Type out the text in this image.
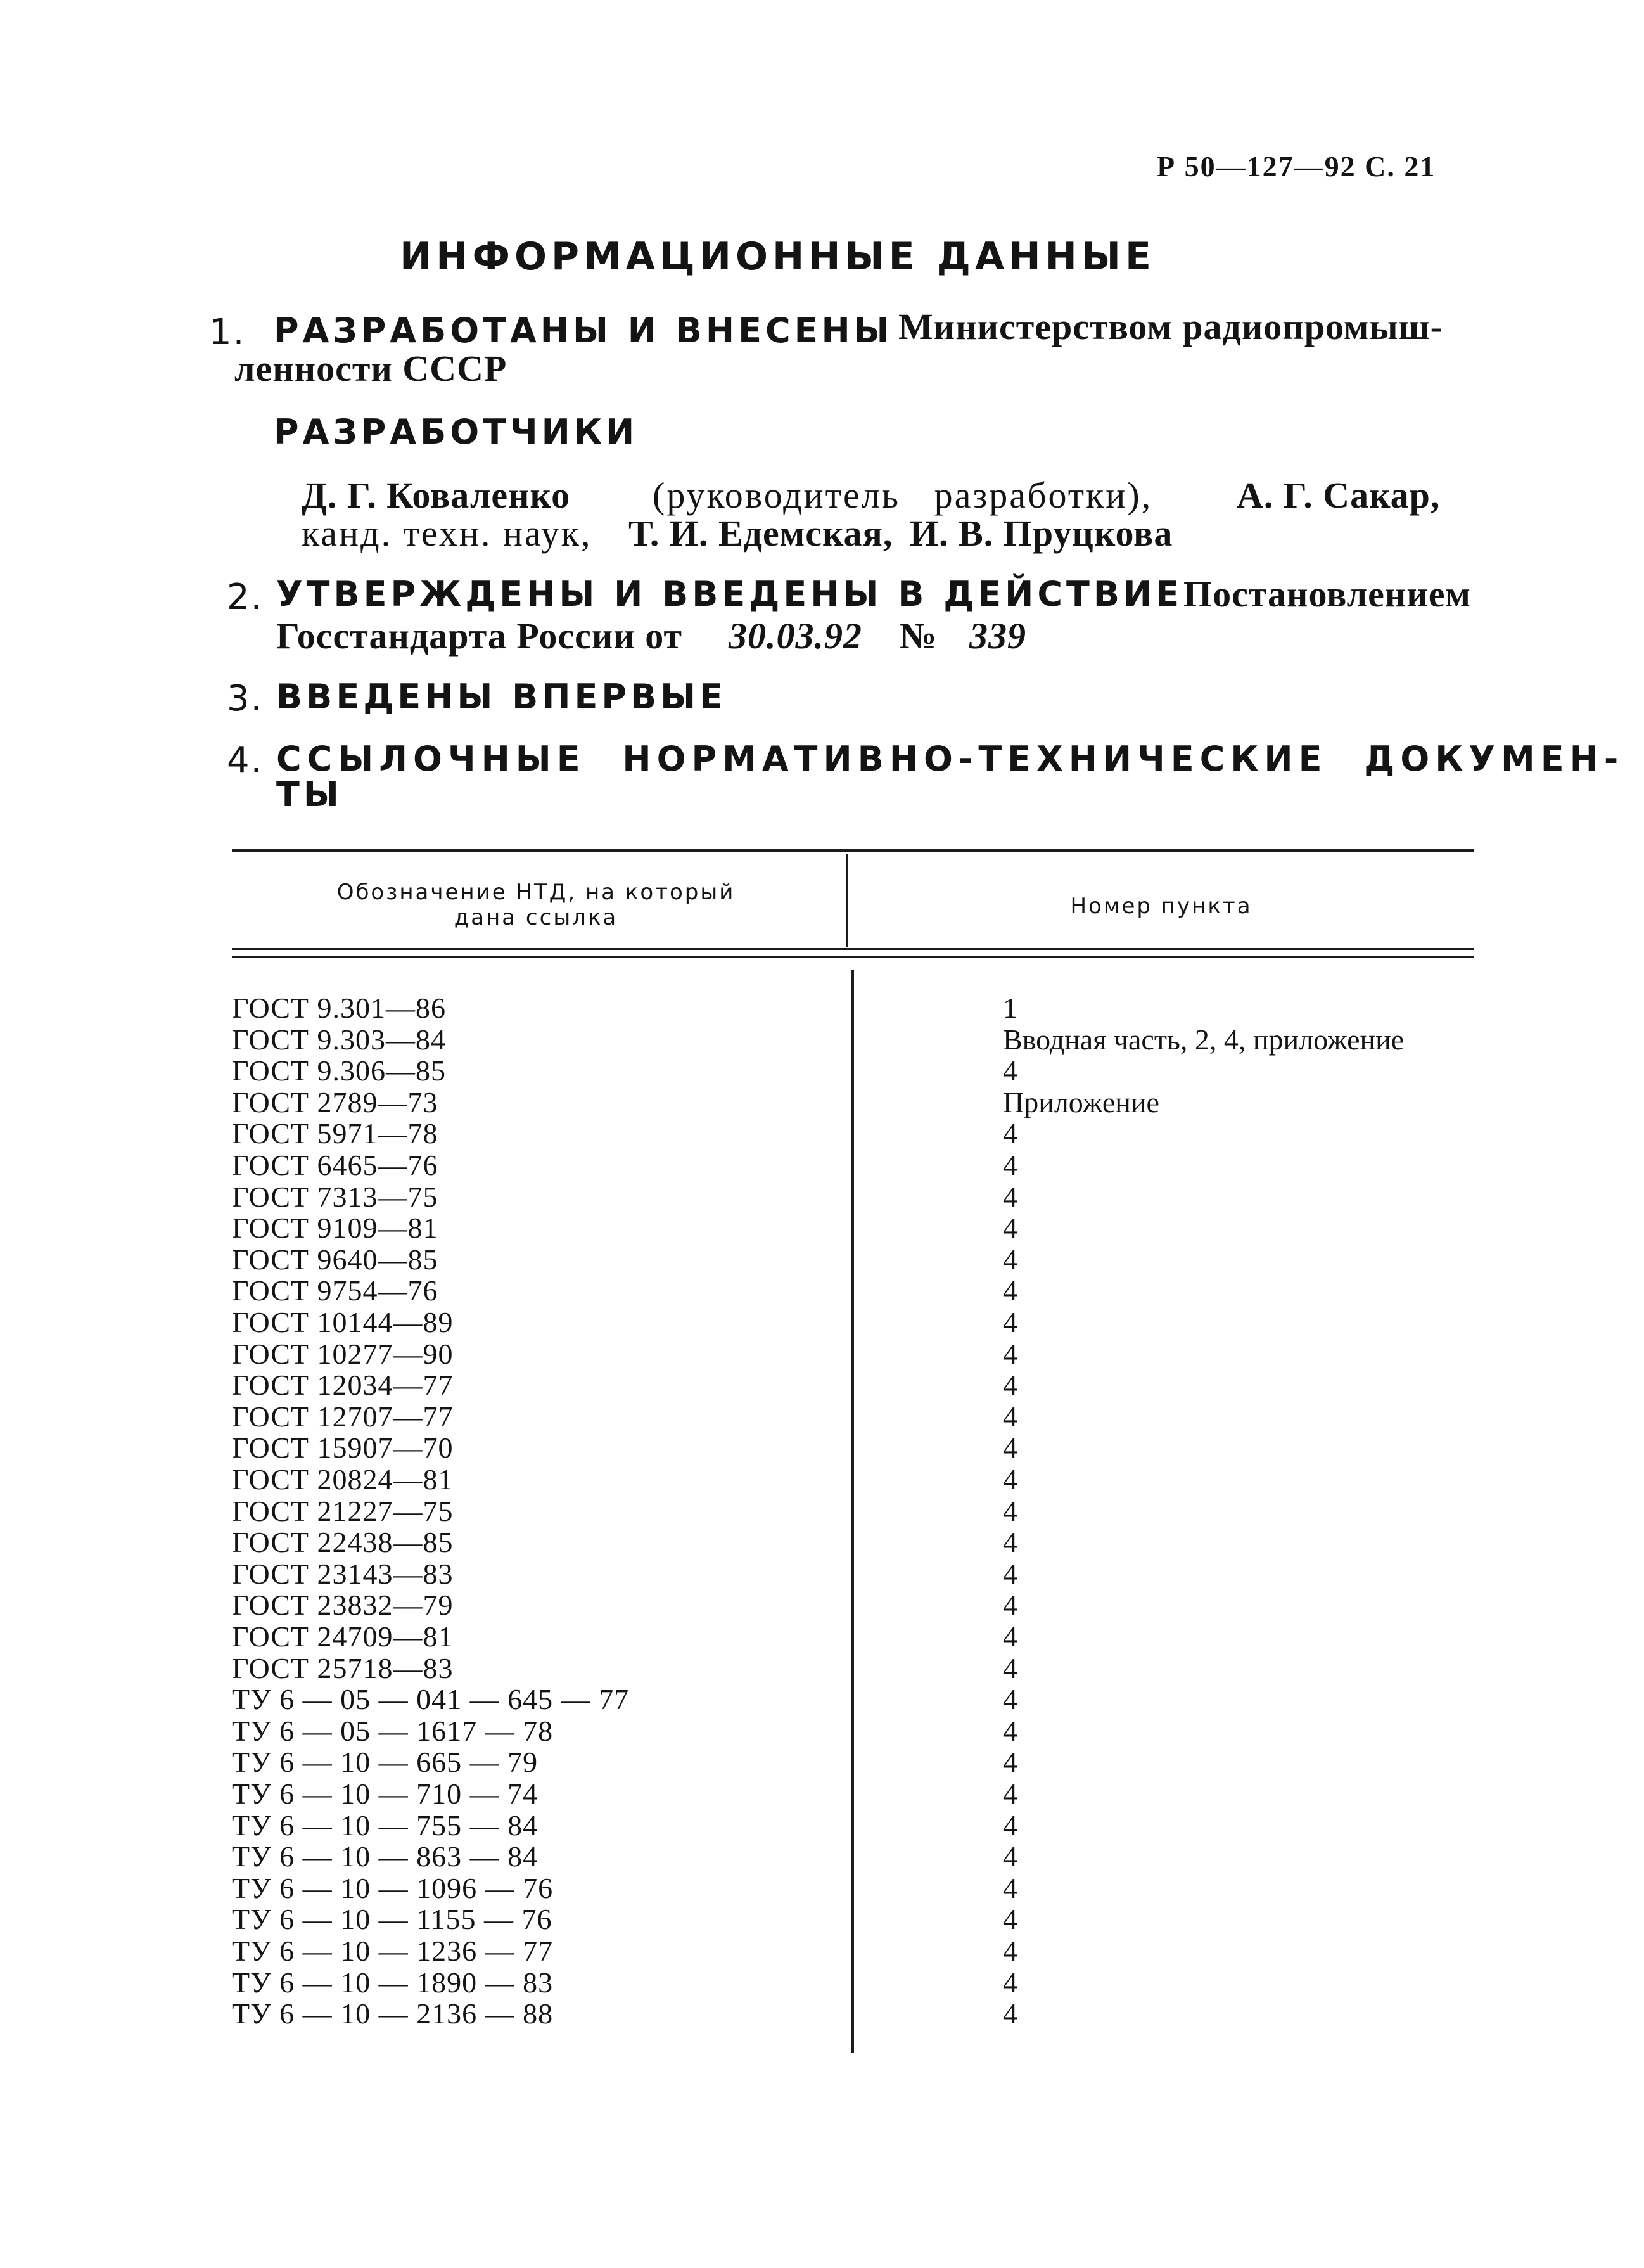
Р 50—127—92 С. 21
ИНФОРМАЦИОННЫЕ ДАННЫЕ
1. РАЗРАБОТАНЫ И ВНЕСЕНЫ Министерством радиопромыш-
ленности СССР
РАЗРАБОТЧИКИ
Д. Г. Коваленко (руководитель разработки), А. Г. Сакар,
канд. техн. наук, Т. И. Едемская, И. В. Пруцкова
2. УТВЕРЖДЕНЫ И ВВЕДЕНЫ В ДЕЙСТВИЕ Постановлением
Госстандарта России от 30.03.92 № 339
3. ВВЕДЕНЫ ВПЕРВЫЕ
4. ССЫЛОЧНЫЕ НОРМАТИВНО-ТЕХНИЧЕСКИЕ ДОКУМЕН-
ТЫ
Обозначение НТД, на который
дана ссылка	Номер пункта
ГОСТ 9.301—86	1
ГОСТ 9.303—84	Вводная часть, 2, 4, приложение
ГОСТ 9.306—85	4
ГОСТ 2789—73	Приложение
ГОСТ 5971—78	4
ГОСТ 6465—76	4
ГОСТ 7313—75	4
ГОСТ 9109—81	4
ГОСТ 9640—85	4
ГОСТ 9754—76	4
ГОСТ 10144—89	4
ГОСТ 10277—90	4
ГОСТ 12034—77	4
ГОСТ 12707—77	4
ГОСТ 15907—70	4
ГОСТ 20824—81	4
ГОСТ 21227—75	4
ГОСТ 22438—85	4
ГОСТ 23143—83	4
ГОСТ 23832—79	4
ГОСТ 24709—81	4
ГОСТ 25718—83	4
ТУ 6 — 05 — 041 — 645 — 77	4
ТУ 6 — 05 — 1617 — 78	4
ТУ 6 — 10 — 665 — 79	4
ТУ 6 — 10 — 710 — 74	4
ТУ 6 — 10 — 755 — 84	4
ТУ 6 — 10 — 863 — 84	4
ТУ 6 — 10 — 1096 — 76	4
ТУ 6 — 10 — 1155 — 76	4
ТУ 6 — 10 — 1236 — 77	4
ТУ 6 — 10 — 1890 — 83	4
ТУ 6 — 10 — 2136 — 88	4
